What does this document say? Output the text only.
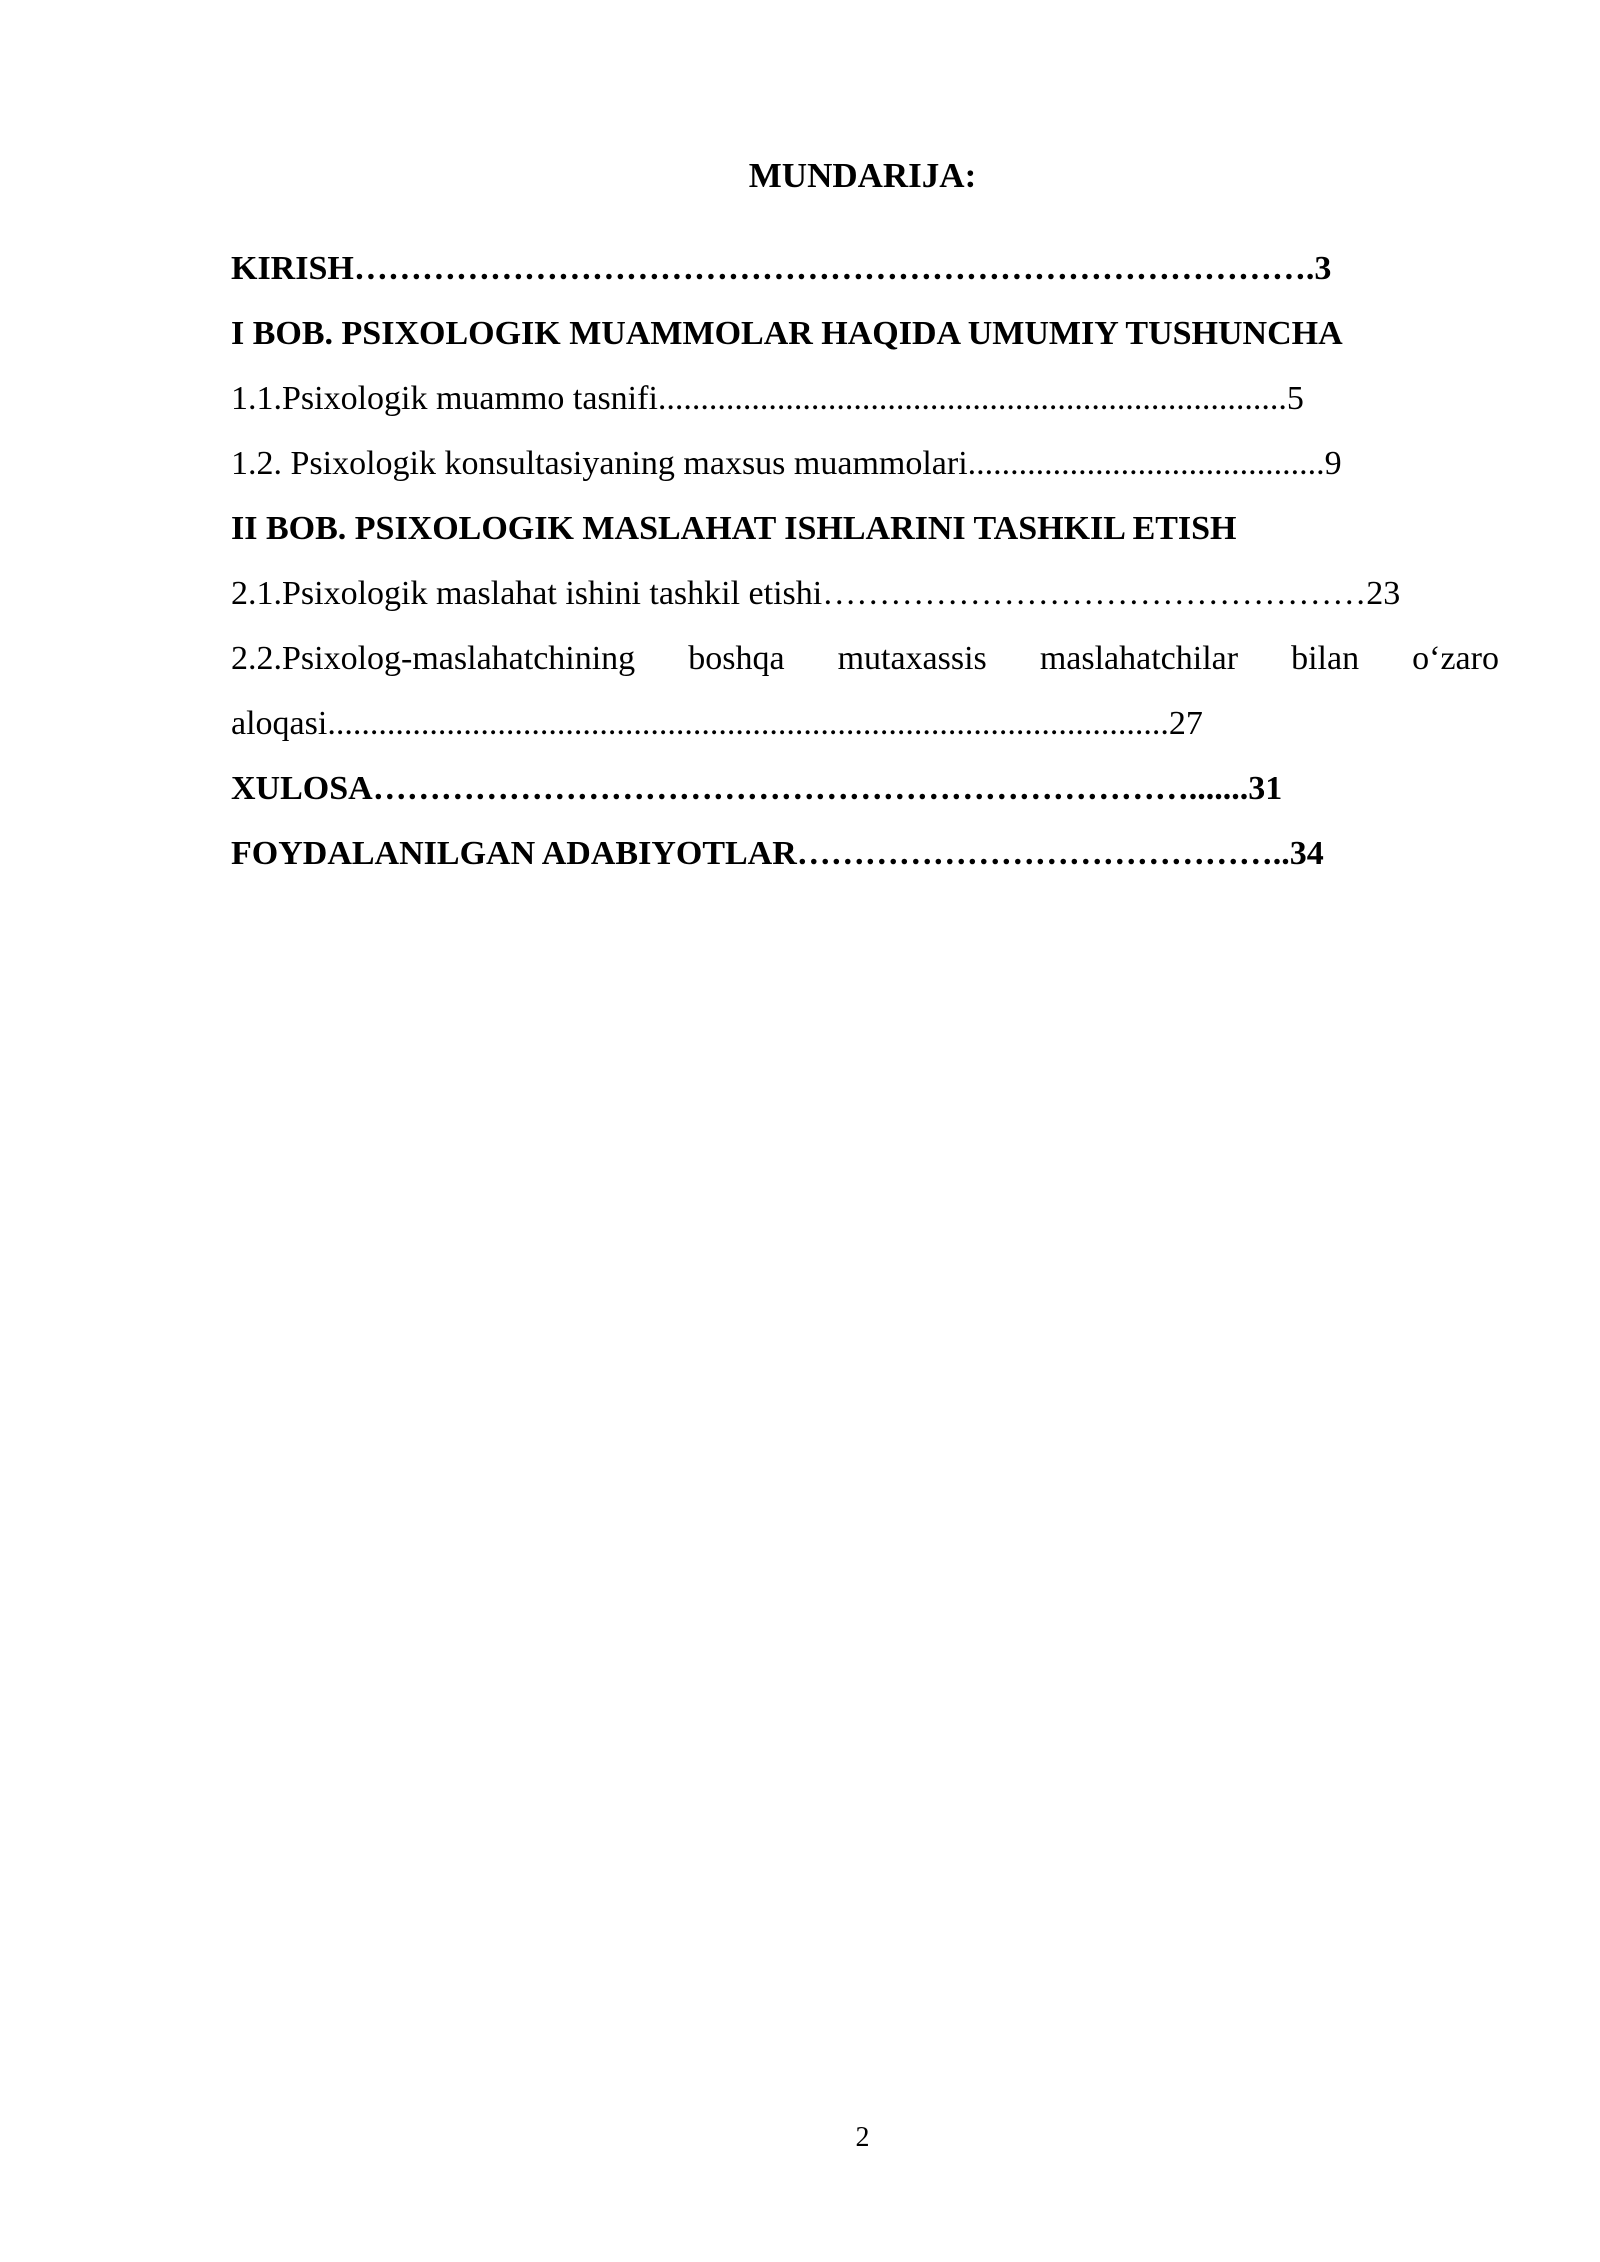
MUNDARIJA:
KIRISH………………………………………………………………………….3
I BOB. PSIXOLOGIK MUAMMOLAR HAQIDA UMUMIY TUSHUNCHA
1.1.Psixologik muammo tasnifi..........................................................................5
1.2. Psixologik konsultasiyaning maxsus muammolari..........................................9
II BOB. PSIXOLOGIK MASLAHAT ISHLARINI TASHKIL ETISH
2.1.Psixologik maslahat ishini tashkil etishi…………………………………………23
2.2.Psixolog-maslahatchining boshqa mutaxassis maslahatchilar bilan o‘zaro
aloqasi...................................................................................................27
XULOSA……………………………………………………………….......31
FOYDALANILGAN ADABIYOTLAR……………………………………..34
2
